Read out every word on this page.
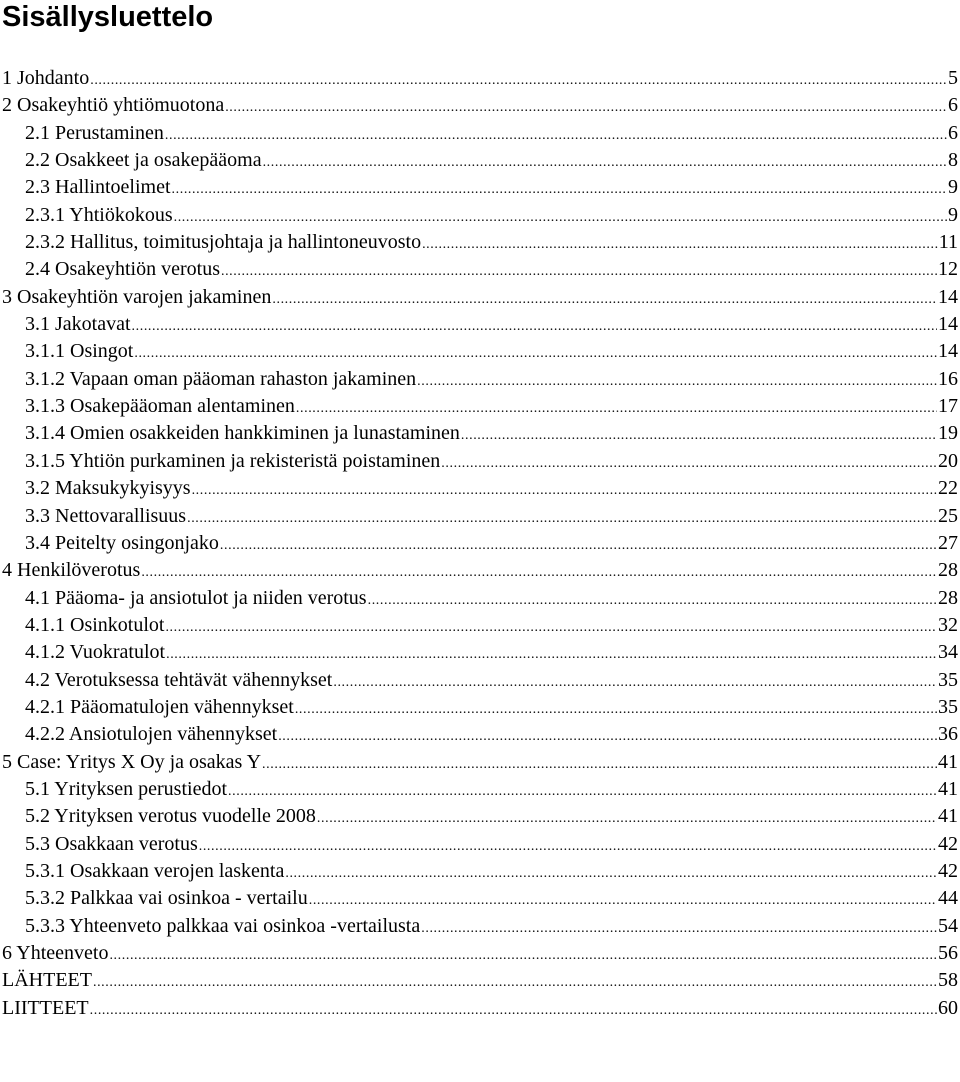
Sisällysluettelo
1 Johdanto .....	5
2 Osakeyhtiö yhtiömuotona .....	6
2.1 Perustaminen .....	6
2.2 Osakkeet ja osakepääoma .....	8
2.3 Hallintoelimet .....	9
2.3.1 Yhtiökokous .....	9
2.3.2 Hallitus, toimitusjohtaja ja hallintoneuvosto .....	11
2.4 Osakeyhtiön verotus .....	12
3 Osakeyhtiön varojen jakaminen .....	14
3.1 Jakotavat .....	14
3.1.1 Osingot .....	14
3.1.2 Vapaan oman pääoman rahaston jakaminen .....	16
3.1.3 Osakepääoman alentaminen .....	17
3.1.4 Omien osakkeiden hankkiminen ja lunastaminen .....	19
3.1.5 Yhtiön purkaminen ja rekisteristä poistaminen .....	20
3.2 Maksukykyisyys .....	22
3.3 Nettovarallisuus .....	25
3.4 Peitelty osingonjako .....	27
4 Henkilöverotus .....	28
4.1 Pääoma- ja ansiotulot ja niiden verotus .....	28
4.1.1 Osinkotulot .....	32
4.1.2 Vuokratulot .....	34
4.2 Verotuksessa tehtävät vähennykset .....	35
4.2.1 Pääomatulojen vähennykset .....	35
4.2.2 Ansiotulojen vähennykset .....	36
5 Case: Yritys X Oy ja osakas Y .....	41
5.1 Yrityksen perustiedot .....	41
5.2 Yrityksen verotus vuodelle 2008 .....	41
5.3 Osakkaan verotus .....	42
5.3.1 Osakkaan verojen laskenta .....	42
5.3.2 Palkkaa vai osinkoa - vertailu .....	44
5.3.3 Yhteenveto palkkaa vai osinkoa -vertailusta .....	54
6 Yhteenveto .....	56
LÄHTEET .....	58
LIITTEET .....	60
